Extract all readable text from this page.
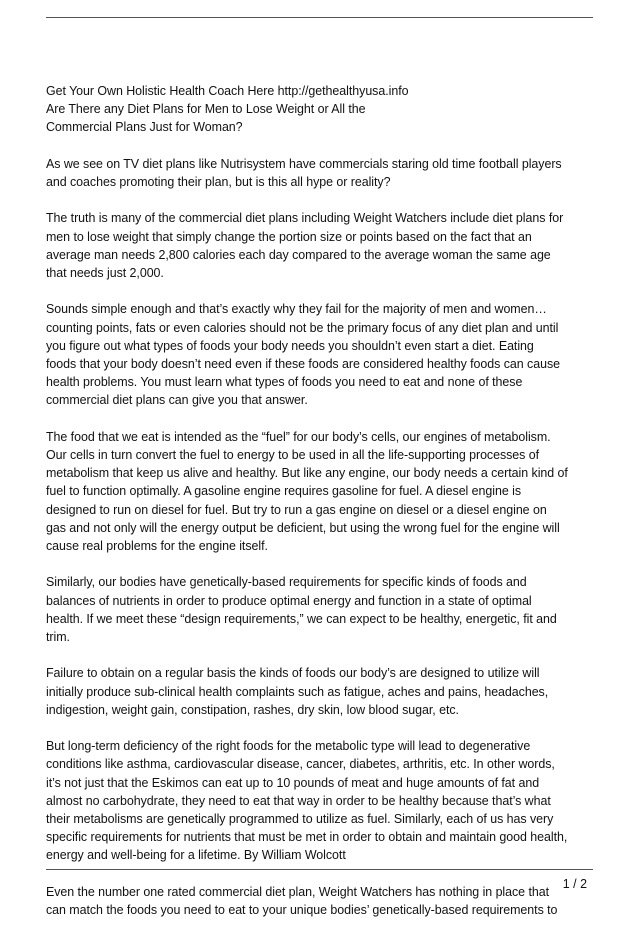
Get Your Own Holistic Health Coach Here http://gethealthyusa.info
Are There any Diet Plans for Men to Lose Weight or All the
Commercial Plans Just for Woman?

As we see on TV diet plans like Nutrisystem have commercials staring old time football players
and coaches promoting their plan, but is this all hype or reality?

The truth is many of the commercial diet plans including Weight Watchers include diet plans for
men to lose weight that simply change the portion size or points based on the fact that an
average man needs 2,800 calories each day compared to the average woman the same age
that needs just 2,000.

Sounds simple enough and that’s exactly why they fail for the majority of men and women…
counting points, fats or even calories should not be the primary focus of any diet plan and until
you figure out what types of foods your body needs you shouldn’t even start a diet. Eating
foods that your body doesn’t need even if these foods are considered healthy foods can cause
health problems. You must learn what types of foods you need to eat and none of these
commercial diet plans can give you that answer.

The food that we eat is intended as the “fuel” for our body’s cells, our engines of metabolism.
Our cells in turn convert the fuel to energy to be used in all the life-supporting processes of
metabolism that keep us alive and healthy. But like any engine, our body needs a certain kind of
fuel to function optimally. A gasoline engine requires gasoline for fuel. A diesel engine is
designed to run on diesel for fuel. But try to run a gas engine on diesel or a diesel engine on
gas and not only will the energy output be deficient, but using the wrong fuel for the engine will
cause real problems for the engine itself.

Similarly, our bodies have genetically-based requirements for specific kinds of foods and
balances of nutrients in order to produce optimal energy and function in a state of optimal
health. If we meet these “design requirements,” we can expect to be healthy, energetic, fit and
trim.

Failure to obtain on a regular basis the kinds of foods our body’s are designed to utilize will
initially produce sub-clinical health complaints such as fatigue, aches and pains, headaches,
indigestion, weight gain, constipation, rashes, dry skin, low blood sugar, etc.

But long-term deficiency of the right foods for the metabolic type will lead to degenerative
conditions like asthma, cardiovascular disease, cancer, diabetes, arthritis, etc. In other words,
it’s not just that the Eskimos can eat up to 10 pounds of meat and huge amounts of fat and
almost no carbohydrate, they need to eat that way in order to be healthy because that’s what
their metabolisms are genetically programmed to utilize as fuel. Similarly, each of us has very
specific requirements for nutrients that must be met in order to obtain and maintain good health,
energy and well-being for a lifetime. By William Wolcott

Even the number one rated commercial diet plan, Weight Watchers has nothing in place that
can match the foods you need to eat to your unique bodies’ genetically-based requirements to

1 / 2
